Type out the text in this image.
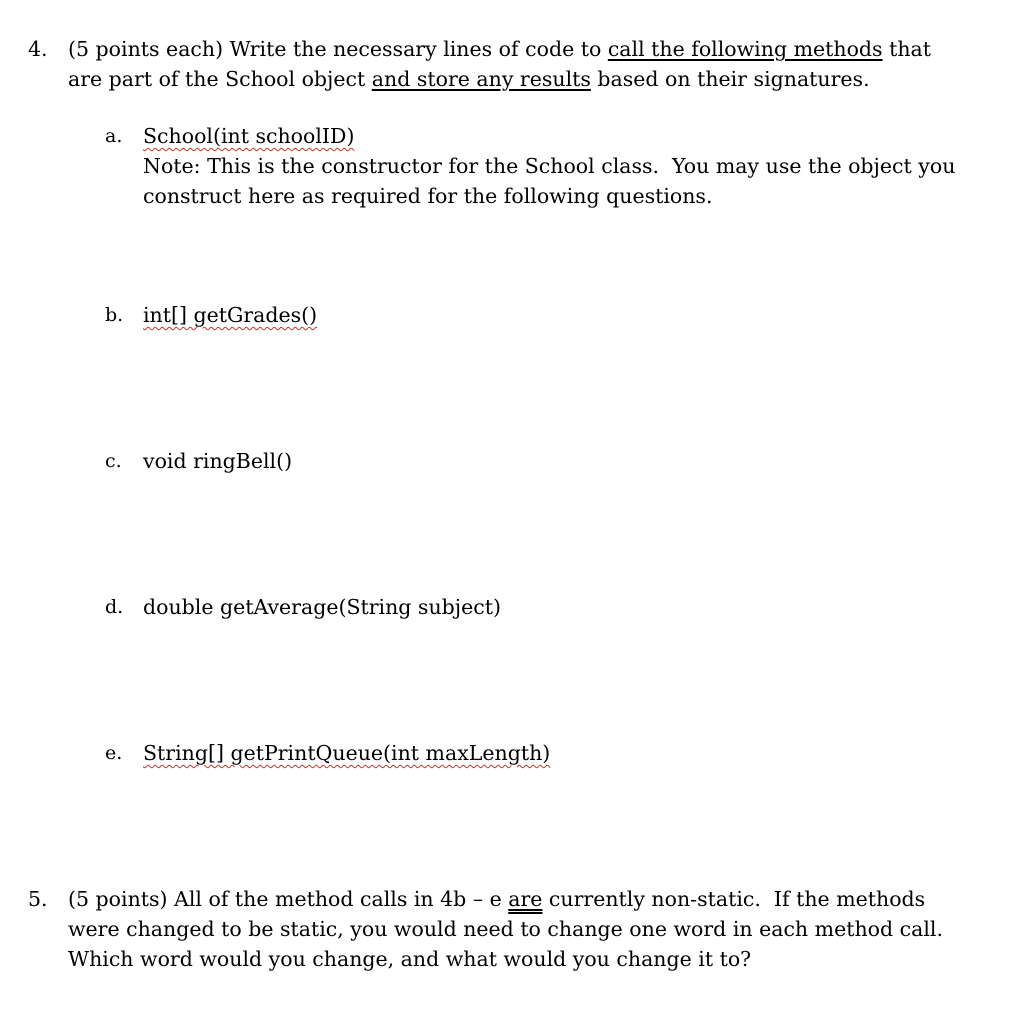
4. (5 points each) Write the necessary lines of code to call the following methods that
are part of the School object and store any results based on their signatures.
a. School(int schoolID)
Note: This is the constructor for the School class.  You may use the object you
construct here as required for the following questions.
b. int[] getGrades()
c. void ringBell()
d. double getAverage(String subject)
e. String[] getPrintQueue(int maxLength)
5. (5 points) All of the method calls in 4b – e are currently non-static.  If the methods
were changed to be static, you would need to change one word in each method call.
Which word would you change, and what would you change it to?
